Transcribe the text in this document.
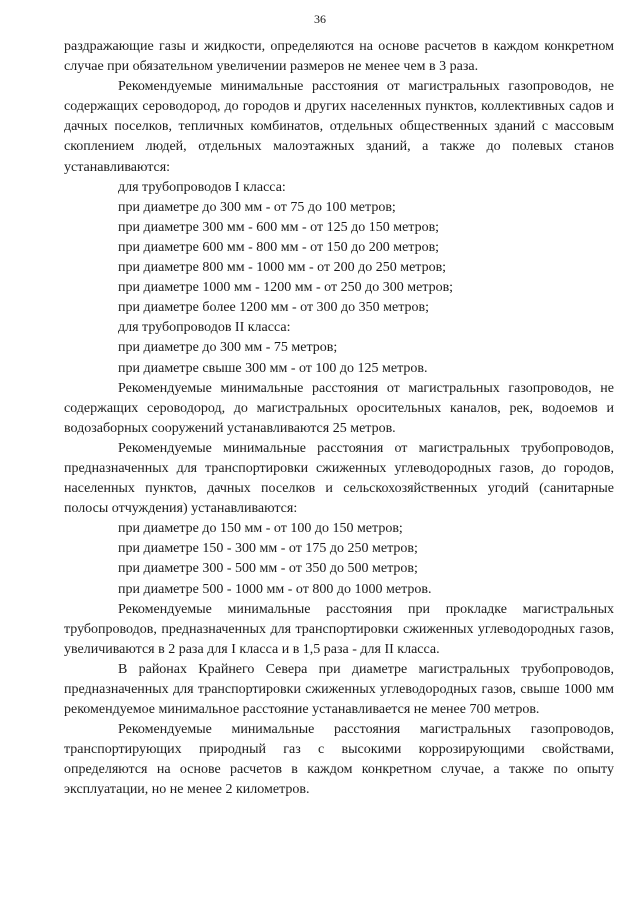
36

раздражающие газы и жидкости, определяются на основе расчетов в каждом конкретном случае при обязательном увеличении размеров не менее чем в 3 раза.

Рекомендуемые минимальные расстояния от магистральных газопроводов, не содержащих сероводород, до городов и других населенных пунктов, коллективных садов и дачных поселков, тепличных комбинатов, отдельных общественных зданий с массовым скоплением людей, отдельных малоэтажных зданий, а также до полевых станов устанавливаются:

для трубопроводов I класса:

при диаметре до 300 мм - от 75 до 100 метров;

при диаметре 300 мм - 600 мм - от 125 до 150 метров;

при диаметре 600 мм - 800 мм - от 150 до 200 метров;

при диаметре 800 мм - 1000 мм - от 200 до 250 метров;

при диаметре 1000 мм - 1200 мм - от 250 до 300 метров;

при диаметре более 1200 мм - от 300 до 350 метров;

для трубопроводов II класса:

при диаметре до 300 мм - 75 метров;

при диаметре свыше 300 мм - от 100 до 125 метров.

Рекомендуемые минимальные расстояния от магистральных газопроводов, не содержащих сероводород, до магистральных оросительных каналов, рек, водоемов и водозаборных сооружений устанавливаются 25 метров.

Рекомендуемые минимальные расстояния от магистральных трубопроводов, предназначенных для транспортировки сжиженных углеводородных газов, до городов, населенных пунктов, дачных поселков и сельскохозяйственных угодий (санитарные полосы отчуждения) устанавливаются:

при диаметре до 150 мм - от 100 до 150 метров;

при диаметре 150 - 300 мм - от 175 до 250 метров;

при диаметре 300 - 500 мм - от 350 до 500 метров;

при диаметре 500 - 1000 мм - от 800 до 1000 метров.

Рекомендуемые минимальные расстояния при прокладке магистральных трубопроводов, предназначенных для транспортировки сжиженных углеводородных газов, увеличиваются в 2 раза для I класса и в 1,5 раза - для II класса.

В районах Крайнего Севера при диаметре магистральных трубопроводов, предназначенных для транспортировки сжиженных углеводородных газов, свыше 1000 мм рекомендуемое минимальное расстояние устанавливается не менее 700 метров.

Рекомендуемые минимальные расстояния магистральных газопроводов, транспортирующих природный газ с высокими коррозирующими свойствами, определяются на основе расчетов в каждом конкретном случае, а также по опыту эксплуатации, но не менее 2 километров.
